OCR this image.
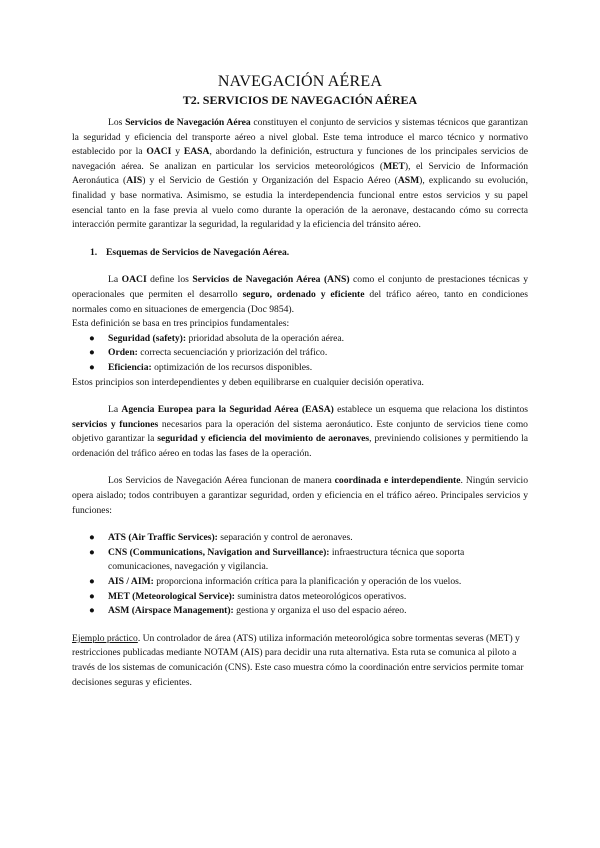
NAVEGACIÓN AÉREA
T2. SERVICIOS DE NAVEGACIÓN AÉREA

Los Servicios de Navegación Aérea constituyen el conjunto de servicios y sistemas técnicos que garantizan la seguridad y eficiencia del transporte aéreo a nivel global. Este tema introduce el marco técnico y normativo establecido por la OACI y EASA, abordando la definición, estructura y funciones de los principales servicios de navegación aérea. Se analizan en particular los servicios meteorológicos (MET), el Servicio de Información Aeronáutica (AIS) y el Servicio de Gestión y Organización del Espacio Aéreo (ASM), explicando su evolución, finalidad y base normativa. Asimismo, se estudia la interdependencia funcional entre estos servicios y su papel esencial tanto en la fase previa al vuelo como durante la operación de la aeronave, destacando cómo su correcta interacción permite garantizar la seguridad, la regularidad y la eficiencia del tránsito aéreo.

1. Esquemas de Servicios de Navegación Aérea.

La OACI define los Servicios de Navegación Aérea (ANS) como el conjunto de prestaciones técnicas y operacionales que permiten el desarrollo seguro, ordenado y eficiente del tráfico aéreo, tanto en condiciones normales como en situaciones de emergencia (Doc 9854).

Esta definición se basa en tres principios fundamentales:

● Seguridad (safety): prioridad absoluta de la operación aérea.
● Orden: correcta secuenciación y priorización del tráfico.
● Eficiencia: optimización de los recursos disponibles.

Estos principios son interdependientes y deben equilibrarse en cualquier decisión operativa.

La Agencia Europea para la Seguridad Aérea (EASA) establece un esquema que relaciona los distintos servicios y funciones necesarios para la operación del sistema aeronáutico. Este conjunto de servicios tiene como objetivo garantizar la seguridad y eficiencia del movimiento de aeronaves, previniendo colisiones y permitiendo la ordenación del tráfico aéreo en todas las fases de la operación.

Los Servicios de Navegación Aérea funcionan de manera coordinada e interdependiente. Ningún servicio opera aislado; todos contribuyen a garantizar seguridad, orden y eficiencia en el tráfico aéreo. Principales servicios y funciones:

● ATS (Air Traffic Services): separación y control de aeronaves.
● CNS (Communications, Navigation and Surveillance): infraestructura técnica que soporta comunicaciones, navegación y vigilancia.
● AIS / AIM: proporciona información crítica para la planificación y operación de los vuelos.
● MET (Meteorological Service): suministra datos meteorológicos operativos.
● ASM (Airspace Management): gestiona y organiza el uso del espacio aéreo.

Ejemplo práctico. Un controlador de área (ATS) utiliza información meteorológica sobre tormentas severas (MET) y restricciones publicadas mediante NOTAM (AIS) para decidir una ruta alternativa. Esta ruta se comunica al piloto a través de los sistemas de comunicación (CNS). Este caso muestra cómo la coordinación entre servicios permite tomar decisiones seguras y eficientes.
